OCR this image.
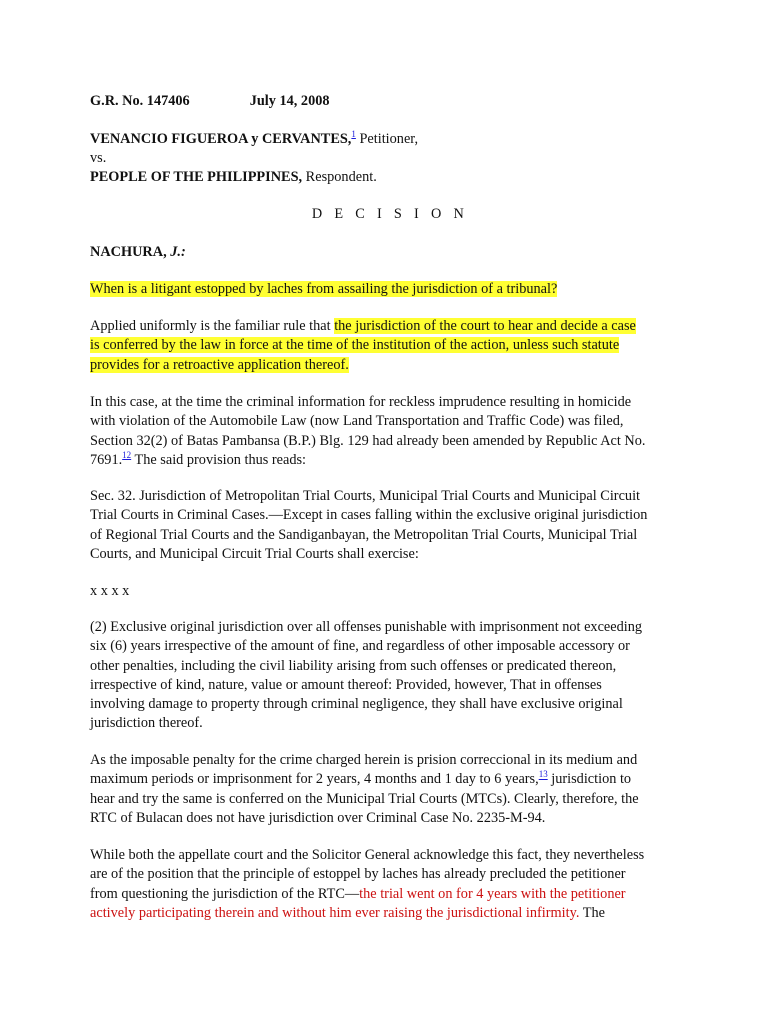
G.R. No. 147406	July 14, 2008
VENANCIO FIGUEROA y CERVANTES,$^1$ Petitioner,
vs.
PEOPLE OF THE PHILIPPINES, Respondent.
D E C I S I O N
NACHURA, J.:
When is a litigant estopped by laches from assailing the jurisdiction of a tribunal?
Applied uniformly is the familiar rule that the jurisdiction of the court to hear and decide a case
is conferred by the law in force at the time of the institution of the action, unless such statute
provides for a retroactive application thereof.
In this case, at the time the criminal information for reckless imprudence resulting in homicide
with violation of the Automobile Law (now Land Transportation and Traffic Code) was filed,
Section 32(2) of Batas Pambansa (B.P.) Blg. 129 had already been amended by Republic Act No.
7691.12 The said provision thus reads:
Sec. 32. Jurisdiction of Metropolitan Trial Courts, Municipal Trial Courts and Municipal Circuit
Trial Courts in Criminal Cases.—Except in cases falling within the exclusive original jurisdiction
of Regional Trial Courts and the Sandiganbayan, the Metropolitan Trial Courts, Municipal Trial
Courts, and Municipal Circuit Trial Courts shall exercise:
x x x x
(2) Exclusive original jurisdiction over all offenses punishable with imprisonment not exceeding
six (6) years irrespective of the amount of fine, and regardless of other imposable accessory or
other penalties, including the civil liability arising from such offenses or predicated thereon,
irrespective of kind, nature, value or amount thereof: Provided, however, That in offenses
involving damage to property through criminal negligence, they shall have exclusive original
jurisdiction thereof.
As the imposable penalty for the crime charged herein is prision correccional in its medium and
maximum periods or imprisonment for 2 years, 4 months and 1 day to 6 years,$^{13}$ jurisdiction to
hear and try the same is conferred on the Municipal Trial Courts (MTCs). Clearly, therefore, the
RTC of Bulacan does not have jurisdiction over Criminal Case No. 2235-M-94.
While both the appellate court and the Solicitor General acknowledge this fact, they nevertheless
are of the position that the principle of estoppel by laches has already precluded the petitioner
from questioning the jurisdiction of the RTC—the trial went on for 4 years with the petitioner
actively participating therein and without him ever raising the jurisdictional infirmity. The
